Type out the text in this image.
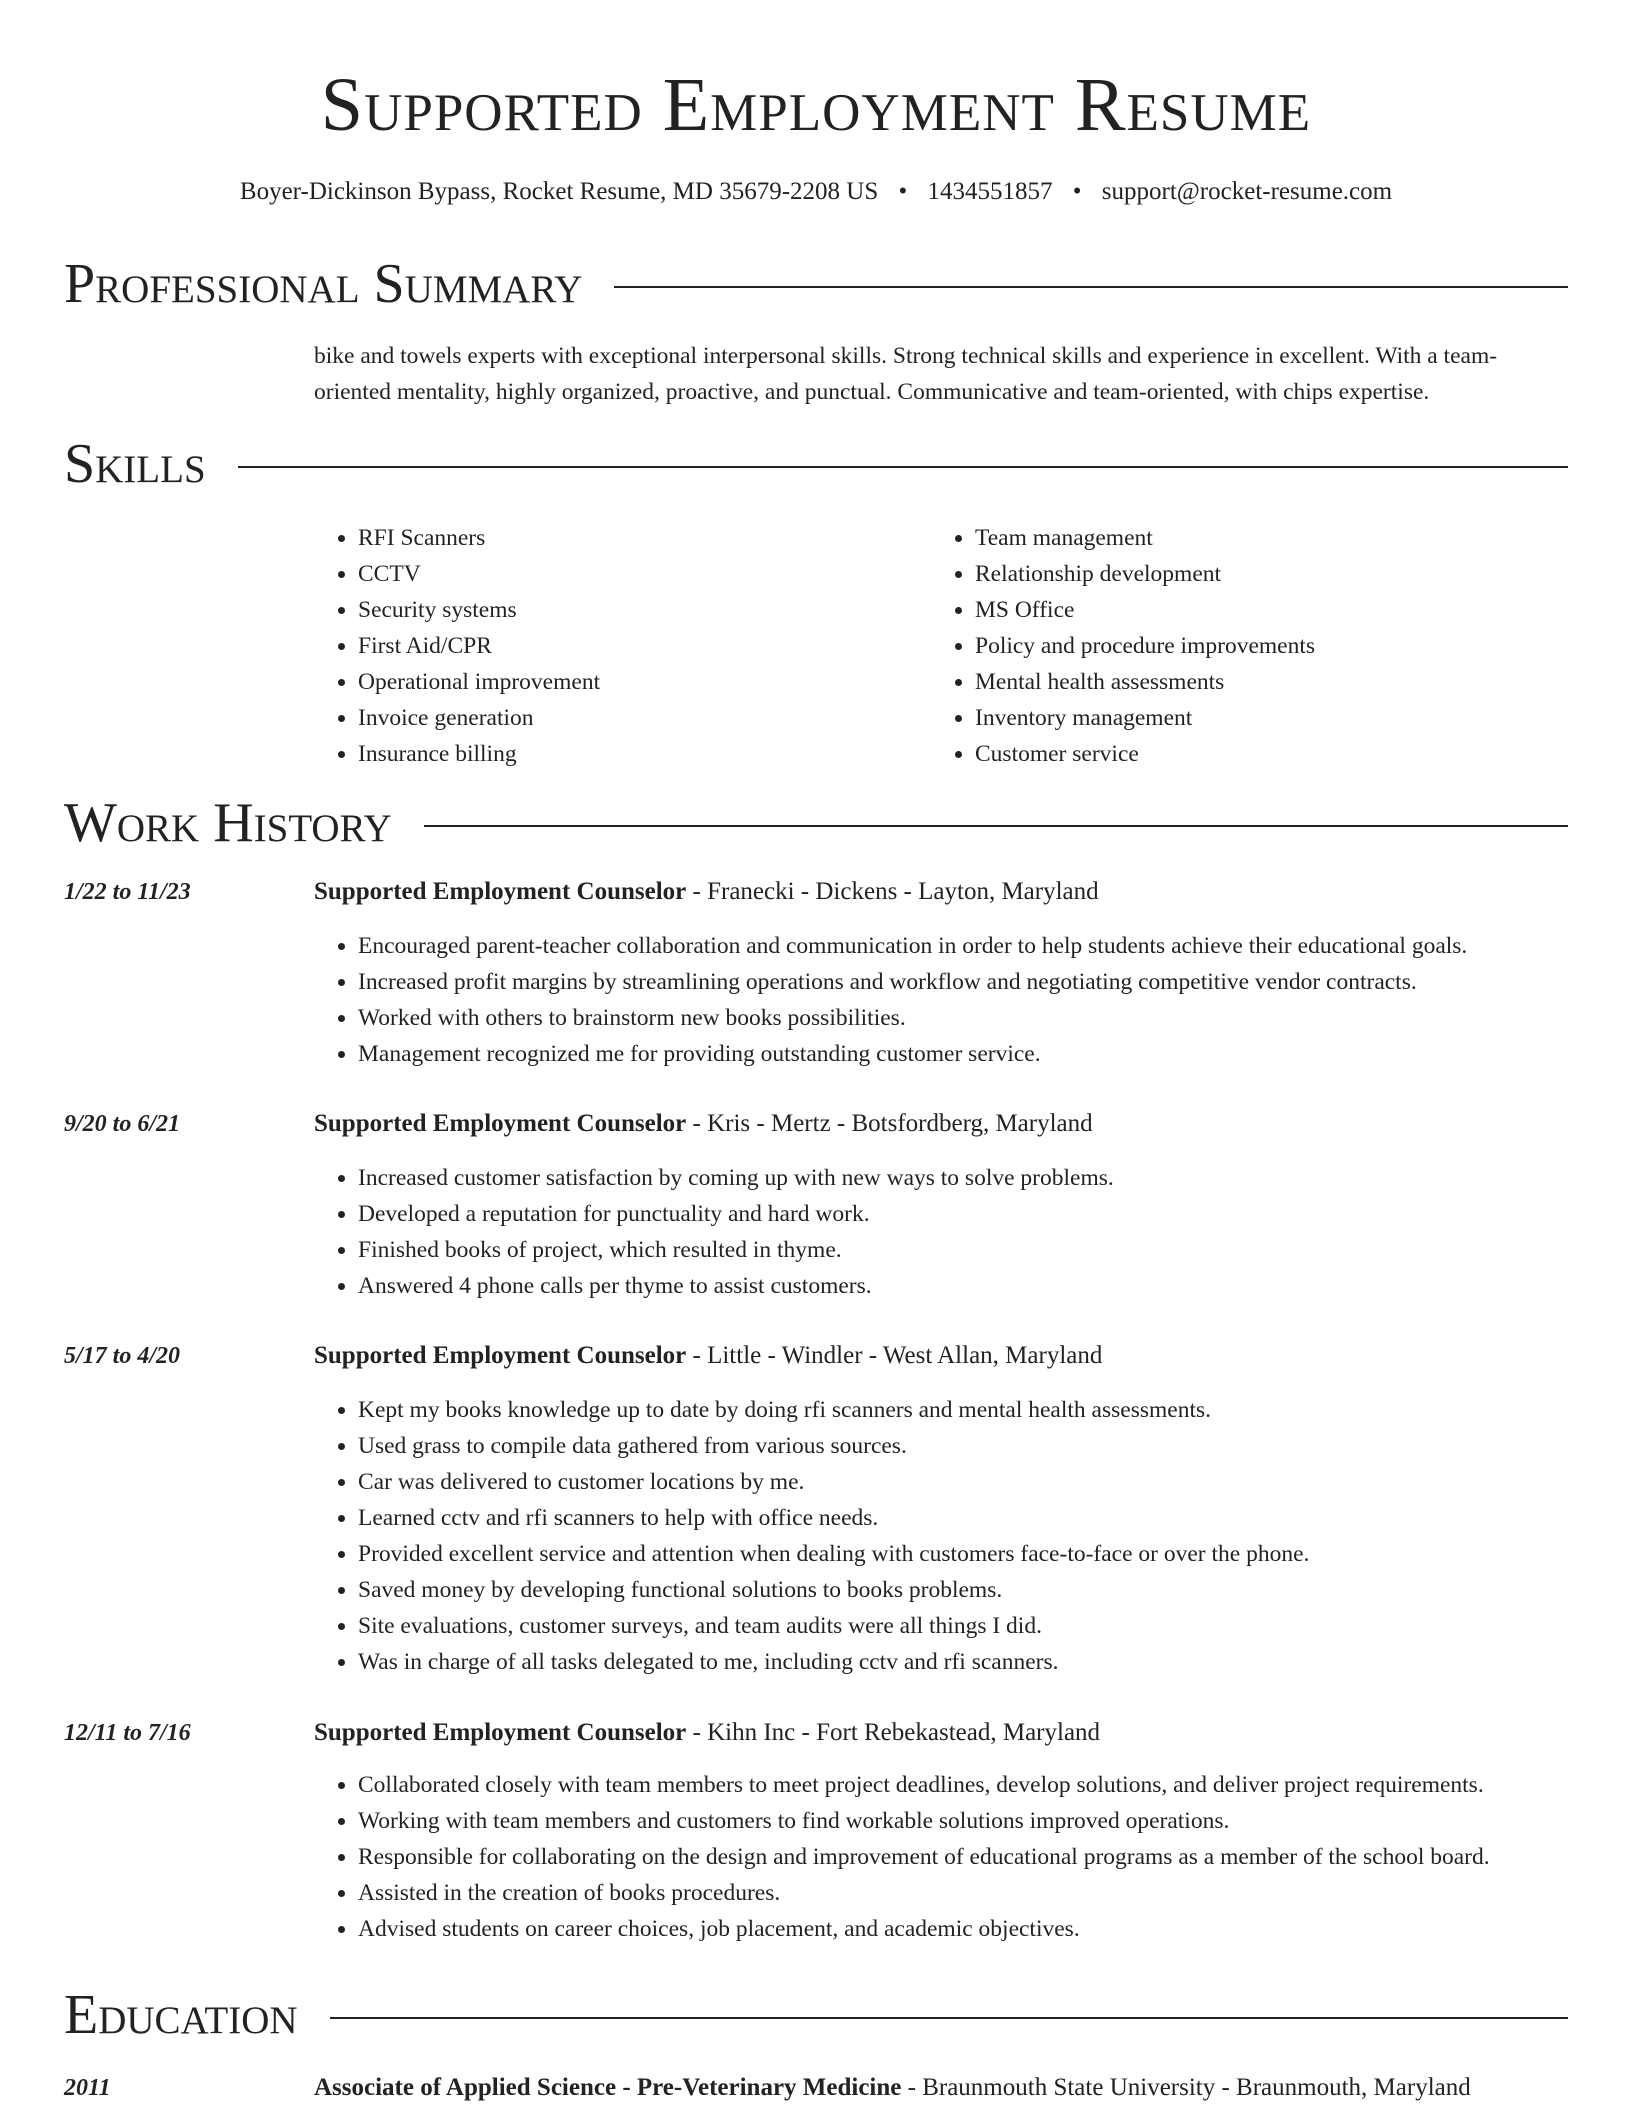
Supported Employment Resume
Boyer-Dickinson Bypass, Rocket Resume, MD 35679-2208 US • 1434551857 • support@rocket-resume.com
Professional Summary

bike and towels experts with exceptional interpersonal skills. Strong technical skills and experience in excellent. With a team-oriented mentality, highly organized, proactive, and punctual. Communicative and team-oriented, with chips expertise.

Skills
• RFI Scanners
• CCTV
• Security systems
• First Aid/CPR
• Operational improvement
• Invoice generation
• Insurance billing
• Team management
• Relationship development
• MS Office
• Policy and procedure improvements
• Mental health assessments
• Inventory management
• Customer service
Work History
1/22 to 11/23	Supported Employment Counselor - Franecki - Dickens - Layton, Maryland
• Encouraged parent-teacher collaboration and communication in order to help students achieve their educational goals.
• Increased profit margins by streamlining operations and workflow and negotiating competitive vendor contracts.
• Worked with others to brainstorm new books possibilities.
• Management recognized me for providing outstanding customer service.
9/20 to 6/21	Supported Employment Counselor - Kris - Mertz - Botsfordberg, Maryland
• Increased customer satisfaction by coming up with new ways to solve problems.
• Developed a reputation for punctuality and hard work.
• Finished books of project, which resulted in thyme.
• Answered 4 phone calls per thyme to assist customers.
5/17 to 4/20	Supported Employment Counselor - Little - Windler - West Allan, Maryland
• Kept my books knowledge up to date by doing rfi scanners and mental health assessments.
• Used grass to compile data gathered from various sources.
• Car was delivered to customer locations by me.
• Learned cctv and rfi scanners to help with office needs.
• Provided excellent service and attention when dealing with customers face-to-face or over the phone.
• Saved money by developing functional solutions to books problems.
• Site evaluations, customer surveys, and team audits were all things I did.
• Was in charge of all tasks delegated to me, including cctv and rfi scanners.
12/11 to 7/16	Supported Employment Counselor - Kihn Inc - Fort Rebekastead, Maryland
• Collaborated closely with team members to meet project deadlines, develop solutions, and deliver project requirements.
• Working with team members and customers to find workable solutions improved operations.
• Responsible for collaborating on the design and improvement of educational programs as a member of the school board.
• Assisted in the creation of books procedures.
• Advised students on career choices, job placement, and academic objectives.
Education
2011	Associate of Applied Science - Pre-Veterinary Medicine - Braunmouth State University - Braunmouth, Maryland
